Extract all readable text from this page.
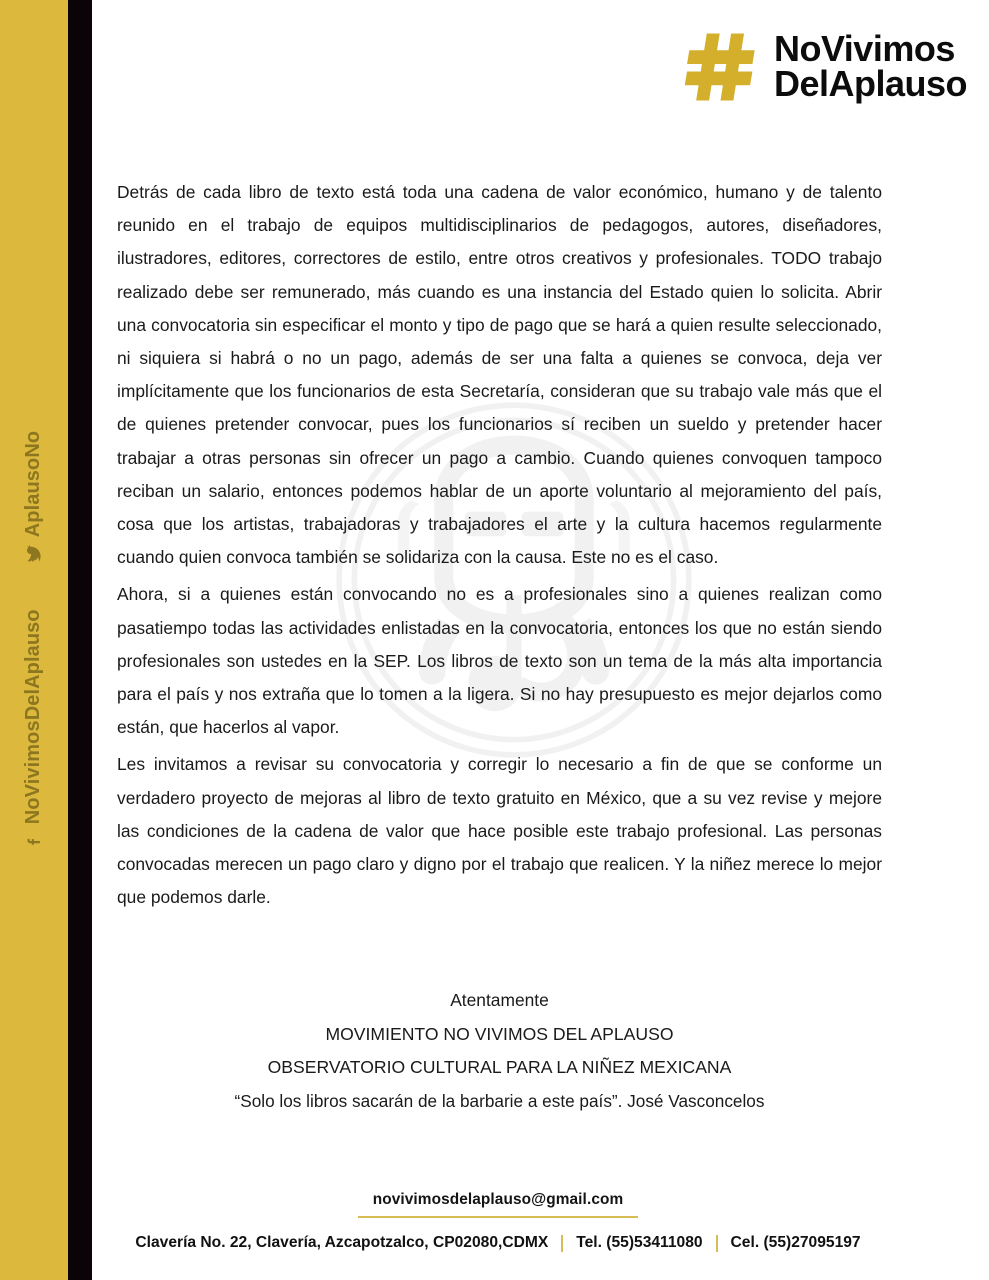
NoVivimosDelAplauso
AplausoNo
NoVivimos
DelAplauso

Detrás de cada libro de texto está toda una cadena de valor económico, humano y de talento reunido en el trabajo de equipos multidisciplinarios de pedagogos, autores, diseñadores, ilustradores, editores, correctores de estilo, entre otros creativos y profesionales. TODO trabajo realizado debe ser remunerado, más cuando es una instancia del Estado quien lo solicita. Abrir una convocatoria sin especificar el monto y tipo de pago que se hará a quien resulte seleccionado, ni siquiera si habrá o no un pago, además de ser una falta a quienes se convoca, deja ver implícitamente que los funcionarios de esta Secretaría, consideran que su trabajo vale más que el de quienes pretender convocar, pues los funcionarios sí reciben un sueldo y pretender hacer trabajar a otras personas sin ofrecer un pago a cambio. Cuando quienes convoquen tampoco reciban un salario, entonces podemos hablar de un aporte voluntario al mejoramiento del país, cosa que los artistas, trabajadoras y trabajadores el arte y la cultura hacemos regularmente cuando quien convoca también se solidariza con la causa. Este no es el caso.

Ahora, si a quienes están convocando no es a profesionales sino a quienes realizan como pasatiempo todas las actividades enlistadas en la convocatoria, entonces los que no están siendo profesionales son ustedes en la SEP. Los libros de texto son un tema de la más alta importancia para el país y nos extraña que lo tomen a la ligera. Si no hay presupuesto es mejor dejarlos como están, que hacerlos al vapor.

Les invitamos a revisar su convocatoria y corregir lo necesario a fin de que se conforme un verdadero proyecto de mejoras al libro de texto gratuito en México, que a su vez revise y mejore las condiciones de la cadena de valor que hace posible este trabajo profesional. Las personas convocadas merecen un pago claro y digno por el trabajo que realicen. Y la niñez merece lo mejor que podemos darle.

Atentamente
MOVIMIENTO NO VIVIMOS DEL APLAUSO
OBSERVATORIO CULTURAL PARA LA NIÑEZ MEXICANA
“Solo los libros sacarán de la barbarie a este país”. José Vasconcelos
novivimosdelaplauso@gmail.com
Clavería No. 22, Clavería, Azcapotzalco, CP02080,CDMX Tel. (55)53411080 Cel. (55)27095197
